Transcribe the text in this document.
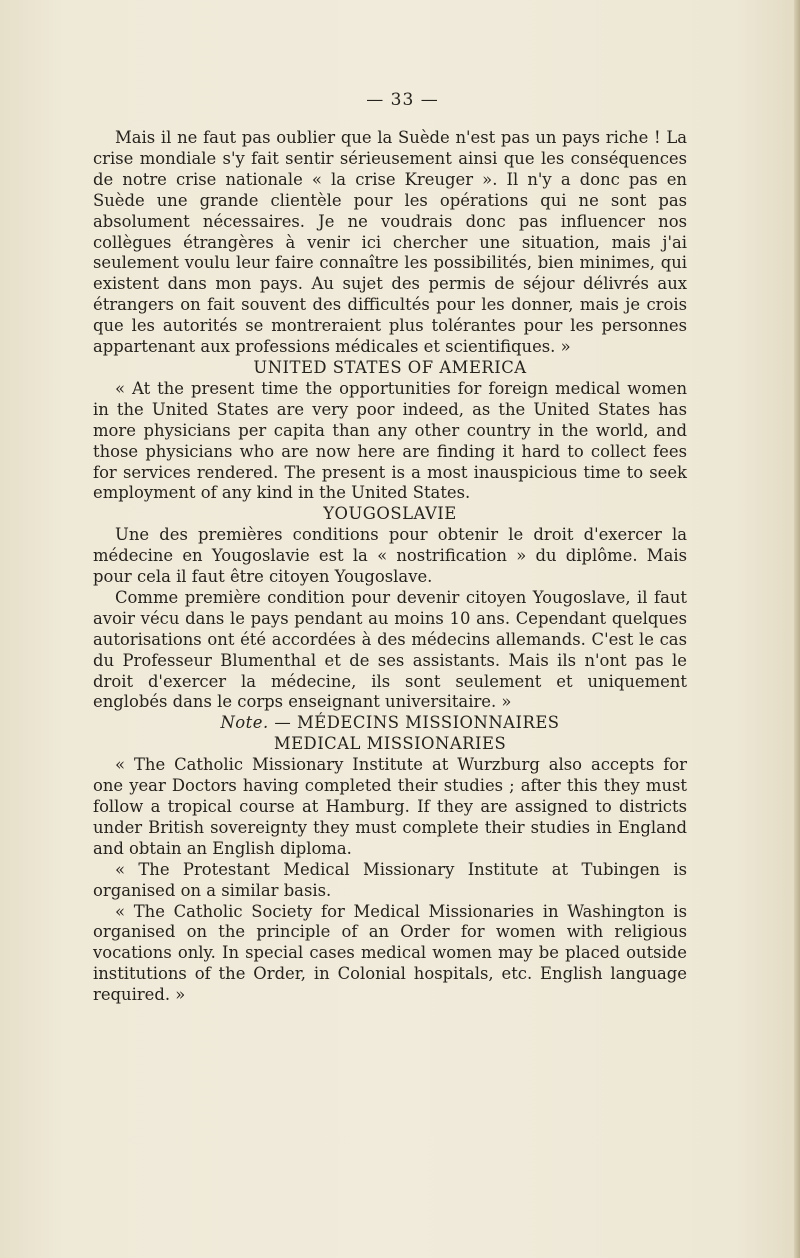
— 33 —

Mais il ne faut pas oublier que la Suède n'est pas un pays riche ! La crise mondiale s'y fait sentir sérieusement ainsi que les conséquences de notre crise nationale « la crise Kreuger ». Il n'y a donc pas en Suède une grande clientèle pour les opérations qui ne sont pas absolument nécessaires. Je ne voudrais donc pas influencer nos collègues étrangères à venir ici chercher une situation, mais j'ai seulement voulu leur faire connaître les possibilités, bien minimes, qui existent dans mon pays. Au sujet des permis de séjour délivrés aux étrangers on fait souvent des difficultés pour les donner, mais je crois que les autorités se montreraient plus tolérantes pour les personnes appartenant aux professions médicales et scientifiques. »

UNITED STATES OF AMERICA

« At the present time the opportunities for foreign medical women in the United States are very poor indeed, as the United States has more physicians per capita than any other country in the world, and those physicians who are now here are finding it hard to collect fees for services rendered. The present is a most inauspicious time to seek employment of any kind in the United States.

YOUGOSLAVIE

Une des premières conditions pour obtenir le droit d'exercer la médecine en Yougoslavie est la « nostrification » du diplôme. Mais pour cela il faut être citoyen Yougoslave.

Comme première condition pour devenir citoyen Yougoslave, il faut avoir vécu dans le pays pendant au moins 10 ans. Cependant quelques autorisations ont été accordées à des médecins allemands. C'est le cas du Professeur Blumenthal et de ses assistants. Mais ils n'ont pas le droit d'exercer la médecine, ils sont seulement et uniquement englobés dans le corps enseignant universitaire. »

Note. — MÉDECINS MISSIONNAIRES

MEDICAL MISSIONARIES

« The Catholic Missionary Institute at Wurzburg also accepts for one year Doctors having completed their studies ; after this they must follow a tropical course at Hamburg. If they are assigned to districts under British sovereignty they must complete their studies in England and obtain an English diploma.

« The Protestant Medical Missionary Institute at Tubingen is organised on a similar basis.

« The Catholic Society for Medical Missionaries in Washington is organised on the principle of an Order for women with religious vocations only. In special cases medical women may be placed outside institutions of the Order, in Colonial hospitals, etc. English language required. »
